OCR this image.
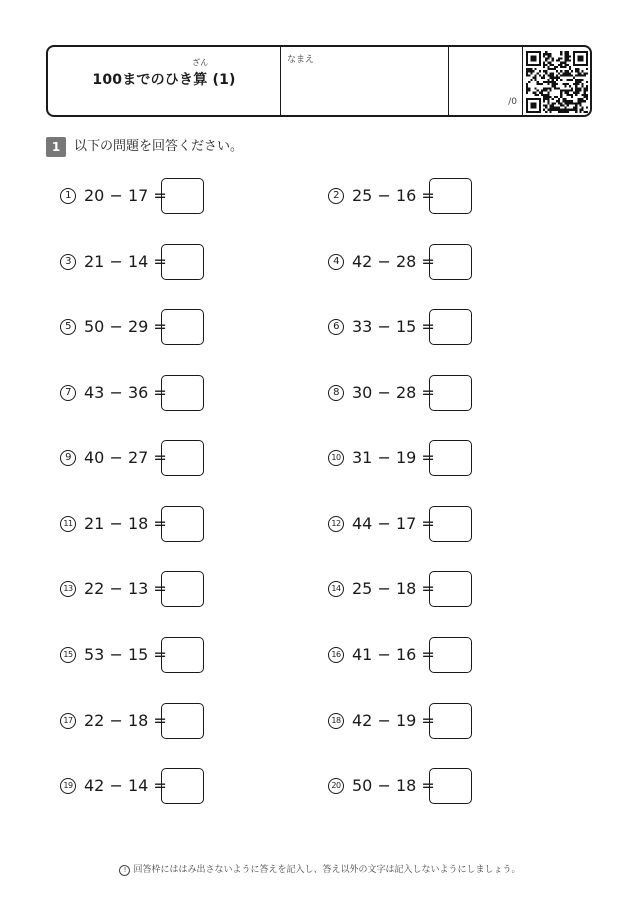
100までのひき
ざん
算 (1)
なまえ
/0
1	以下の問題を回答ください。
1 20 − 17 =	2 25 − 16 =
3 21 − 14 =	4 42 − 28 =
5 50 − 29 =	6 33 − 15 =
7 43 − 36 =	8 30 − 28 =
9 40 − 27 =	10 31 − 19 =
11 21 − 18 =	12 44 − 17 =
13 22 − 13 =	14 25 − 18 =
15 53 − 15 =	16 41 − 16 =
17 22 − 18 =	18 42 − 19 =
19 42 − 14 =	20 50 − 18 =
! 回答枠にははみ出さないように答えを記入し、答え以外の文字は記入しないようにしましょう。
